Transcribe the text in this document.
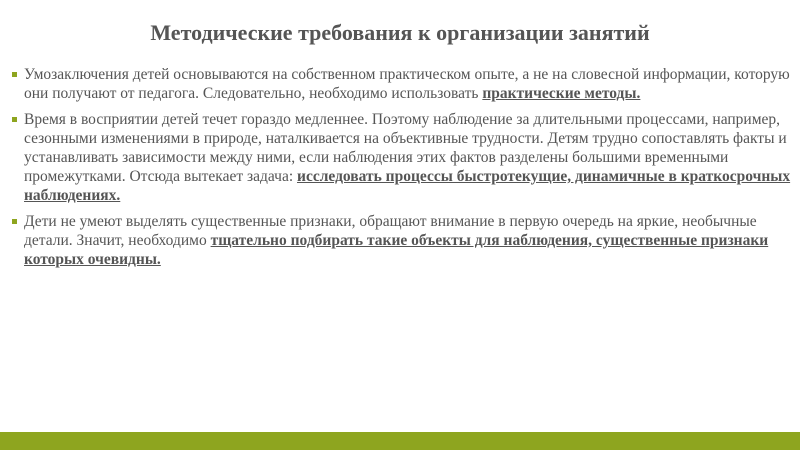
Методические требования к организации занятий
Умозаключения детей основываются на собственном практическом опыте, а не на словесной информации, которую они получают от педагога. Следовательно, необходимо использовать практические методы.
Время в восприятии детей течет гораздо медленнее. Поэтому наблюдение за длительными процессами, например, сезонными изменениями в природе, наталкивается на объективные трудности. Детям трудно сопоставлять факты и устанавливать зависимости между ними, если наблюдения этих фактов разделены большими временными промежутками. Отсюда вытекает задача: исследовать процессы быстротекущие, динамичные в краткосрочных наблюдениях.
Дети не умеют выделять существенные признаки, обращают внимание в первую очередь на яркие, необычные детали. Значит, необходимо тщательно подбирать такие объекты для наблюдения, существенные признаки которых очевидны.
